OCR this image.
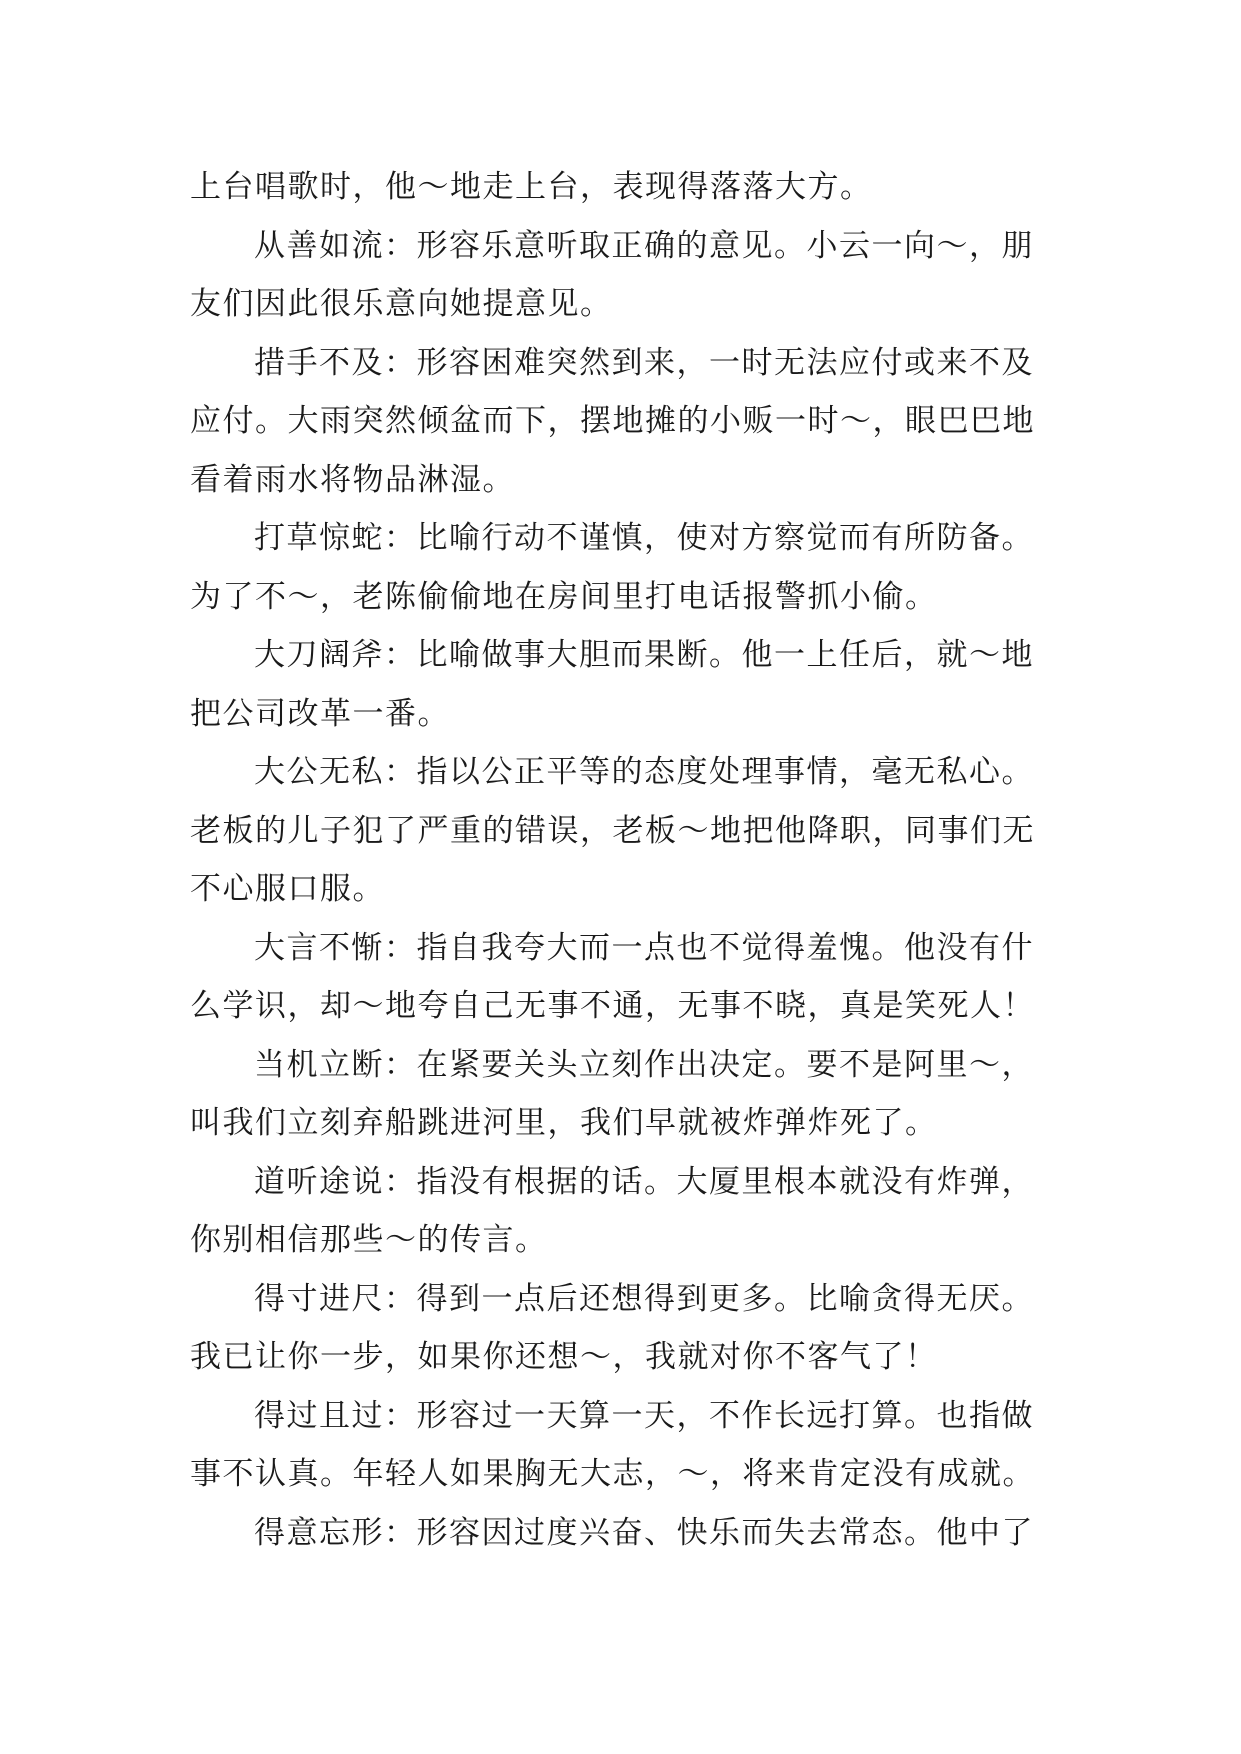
上台唱歌时，他～地走上台，表现得落落大方。
从善如流：形容乐意听取正确的意见。小云一向～，朋
友们因此很乐意向她提意见。
措手不及：形容困难突然到来，一时无法应付或来不及
应付。大雨突然倾盆而下，摆地摊的小贩一时～，眼巴巴地
看着雨水将物品淋湿。
打草惊蛇：比喻行动不谨慎，使对方察觉而有所防备。
为了不～，老陈偷偷地在房间里打电话报警抓小偷。
大刀阔斧：比喻做事大胆而果断。他一上任后，就～地
把公司改革一番。
大公无私：指以公正平等的态度处理事情，毫无私心。
老板的儿子犯了严重的错误，老板～地把他降职，同事们无
不心服口服。
大言不惭：指自我夸大而一点也不觉得羞愧。他没有什
么学识，却～地夸自己无事不通，无事不晓，真是笑死人！
当机立断：在紧要关头立刻作出决定。要不是阿里～，
叫我们立刻弃船跳进河里，我们早就被炸弹炸死了。
道听途说：指没有根据的话。大厦里根本就没有炸弹，
你别相信那些～的传言。
得寸进尺：得到一点后还想得到更多。比喻贪得无厌。
我已让你一步，如果你还想～，我就对你不客气了！
得过且过：形容过一天算一天，不作长远打算。也指做
事不认真。年轻人如果胸无大志，～，将来肯定没有成就。
得意忘形：形容因过度兴奋、快乐而失去常态。他中了
